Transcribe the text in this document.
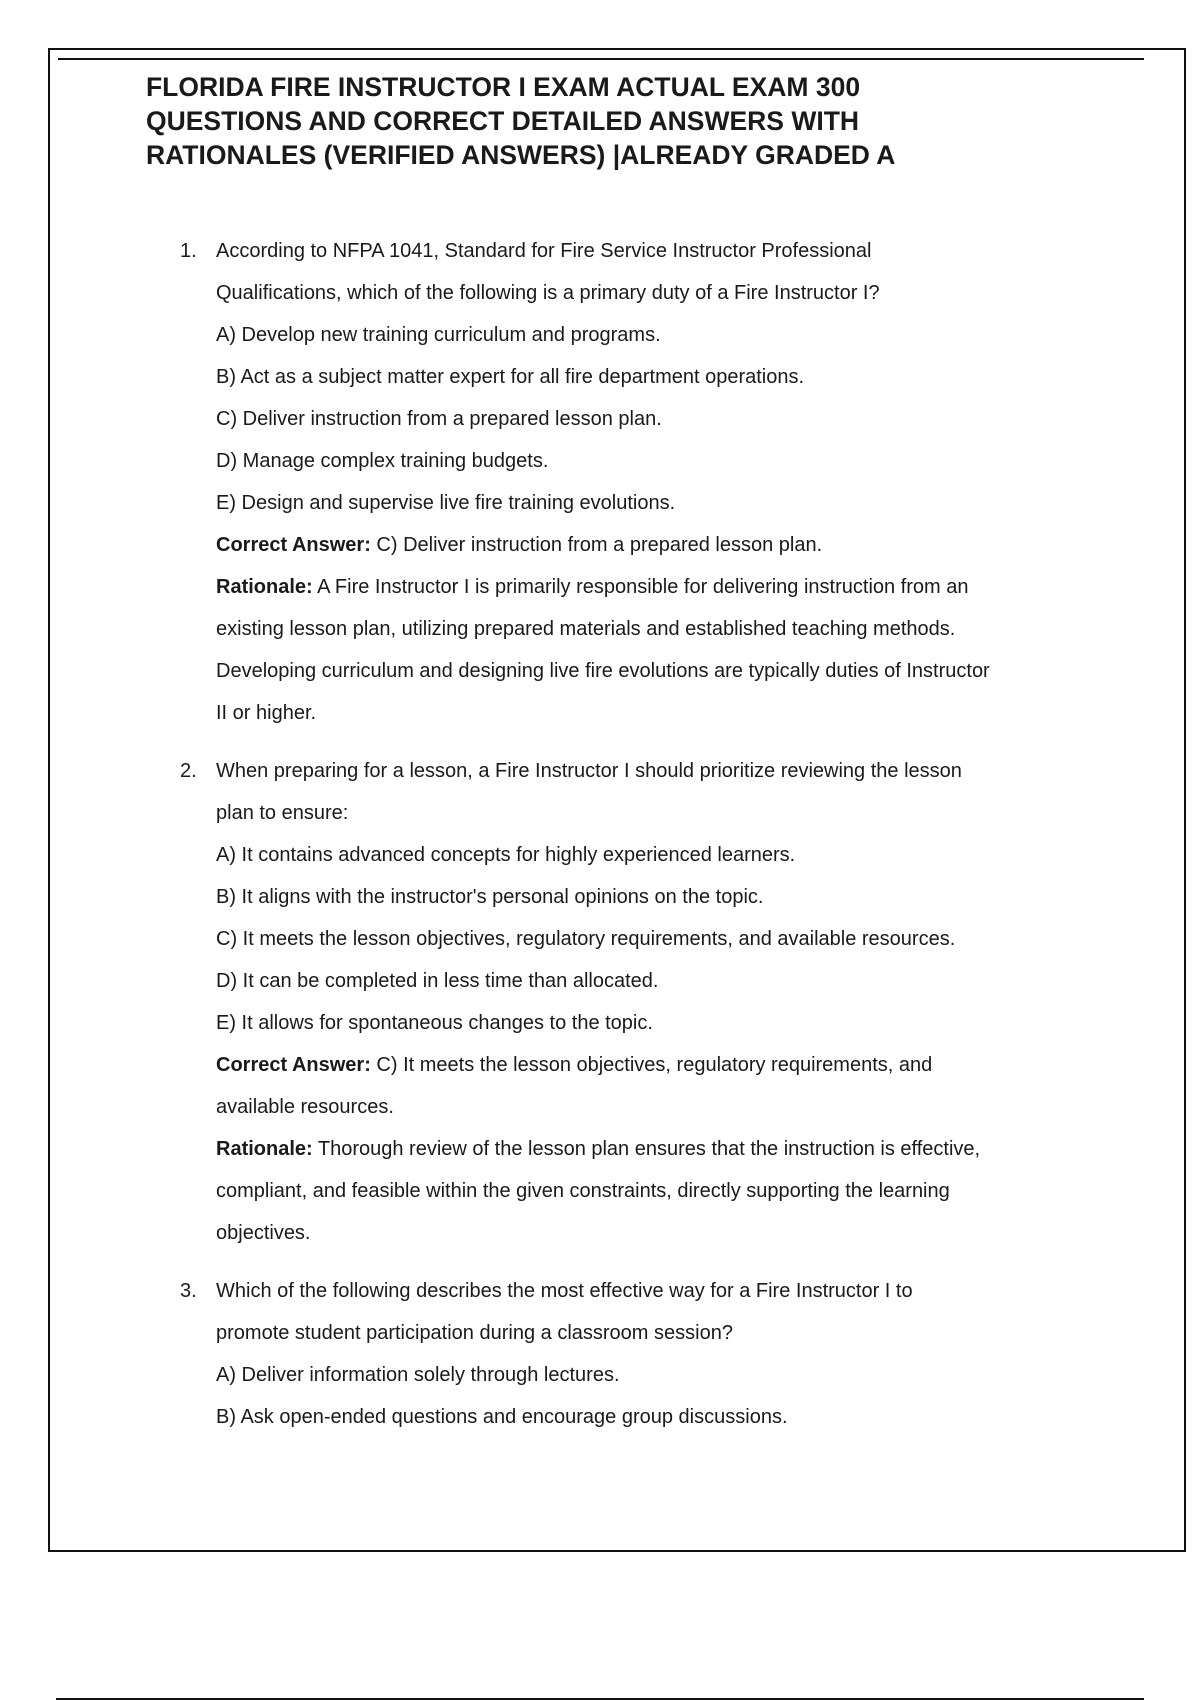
FLORIDA FIRE INSTRUCTOR I EXAM ACTUAL EXAM 300
QUESTIONS AND CORRECT DETAILED ANSWERS WITH
RATIONALES (VERIFIED ANSWERS) |ALREADY GRADED A
1. According to NFPA 1041, Standard for Fire Service Instructor Professional
Qualifications, which of the following is a primary duty of a Fire Instructor I?
A) Develop new training curriculum and programs.
B) Act as a subject matter expert for all fire department operations.
C) Deliver instruction from a prepared lesson plan.
D) Manage complex training budgets.
E) Design and supervise live fire training evolutions.
Correct Answer: C) Deliver instruction from a prepared lesson plan.
Rationale: A Fire Instructor I is primarily responsible for delivering instruction from an
existing lesson plan, utilizing prepared materials and established teaching methods.
Developing curriculum and designing live fire evolutions are typically duties of Instructor
II or higher.
2. When preparing for a lesson, a Fire Instructor I should prioritize reviewing the lesson
plan to ensure:
A) It contains advanced concepts for highly experienced learners.
B) It aligns with the instructor's personal opinions on the topic.
C) It meets the lesson objectives, regulatory requirements, and available resources.
D) It can be completed in less time than allocated.
E) It allows for spontaneous changes to the topic.
Correct Answer: C) It meets the lesson objectives, regulatory requirements, and
available resources.
Rationale: Thorough review of the lesson plan ensures that the instruction is effective,
compliant, and feasible within the given constraints, directly supporting the learning
objectives.
3. Which of the following describes the most effective way for a Fire Instructor I to
promote student participation during a classroom session?
A) Deliver information solely through lectures.
B) Ask open-ended questions and encourage group discussions.
